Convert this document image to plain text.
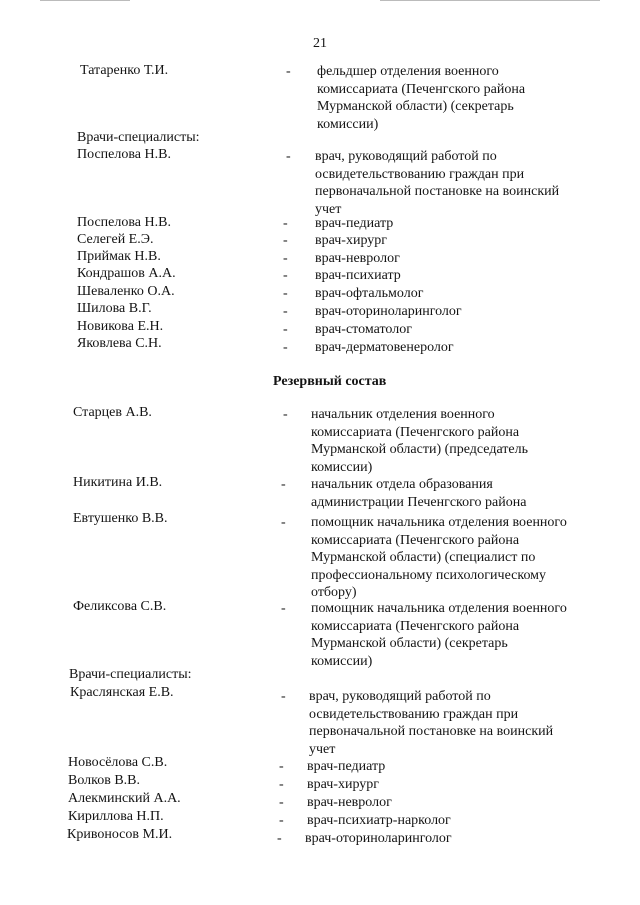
21
Татаренко Т.И.	- фельдшер отделения военного
комиссариата (Печенгского района
Мурманской области) (секретарь
комиссии)
Врачи-специалисты:
Поспелова Н.В.	- врач, руководящий работой по
освидетельствованию граждан при
первоначальной постановке на воинский
учет
Поспелова Н.В.	- врач-педиатр
Селегей Е.Э.	- врач-хирург
Приймак Н.В.	- врач-невролог
Кондрашов А.А.	- врач-психиатр
Шеваленко О.А.	- врач-офтальмолог
Шилова В.Г.	- врач-оториноларинголог
Новикова Е.Н.	- врач-стоматолог
Яковлева С.Н.	- врач-дерматовенеролог
Резервный состав
Старцев А.В.	- начальник отделения военного
комиссариата (Печенгского района
Мурманской области) (председатель
комиссии)
Никитина И.В.	- начальник отдела образования
администрации Печенгского района
Евтушенко В.В.	- помощник начальника отделения военного
комиссариата (Печенгского района
Мурманской области) (специалист по
профессиональному психологическому
отбору)
Феликсова С.В.	- помощник начальника отделения военного
комиссариата (Печенгского района
Мурманской области) (секретарь
комиссии)
Врачи-специалисты:
Краслянская Е.В.	- врач, руководящий работой по
освидетельствованию граждан при
первоначальной постановке на воинский
учет
Новосёлова С.В.	- врач-педиатр
Волков В.В.	- врач-хирург
Алекминский А.А.	- врач-невролог
Кириллова Н.П.	- врач-психиатр-нарколог
Кривоносов М.И.	- врач-оториноларинголог
